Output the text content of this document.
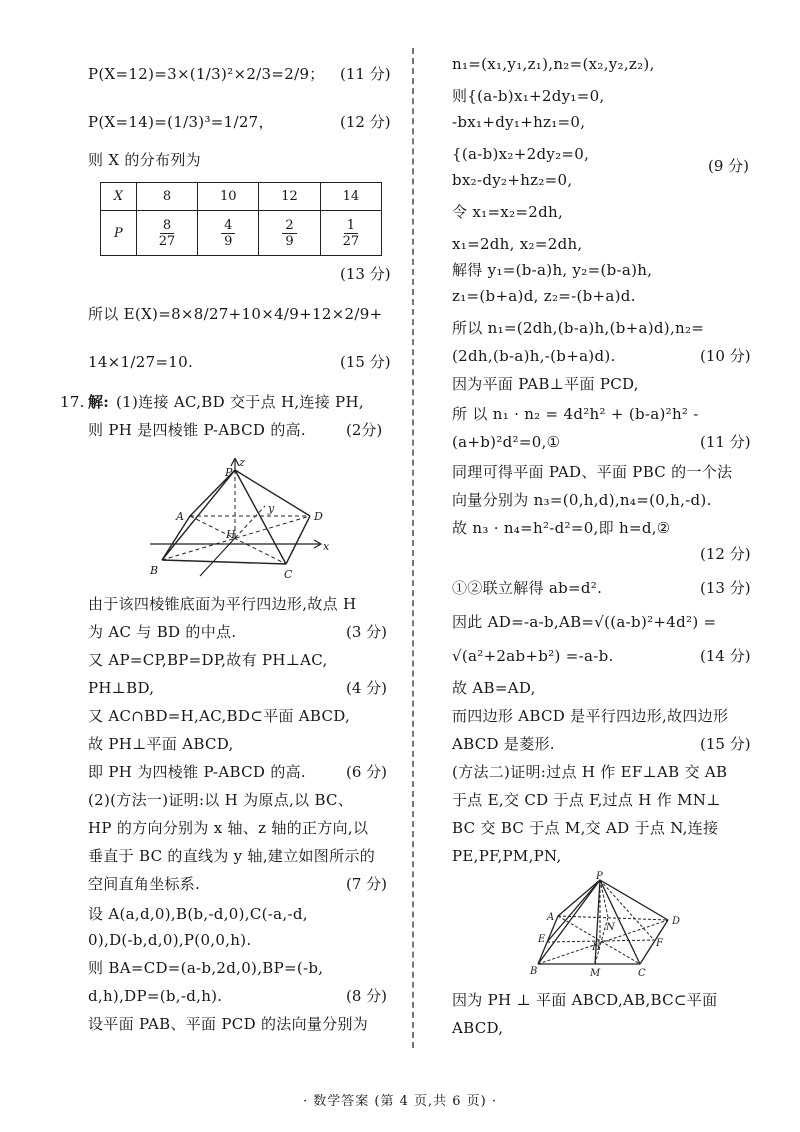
P(X=12)=3×(1/3)²×2/3=2/9； (11 分)
P(X=14)=(1/3)³=1/27，	(12 分)
则 X 的分布列为
X	8	10	12	14
P	$\frac{8}{27}$	$\frac{4}{9}$	$\frac{2}{9}$	$\frac{1}{27}$
(13 分)
所以 E(X)=8×8/27+10×4/9+12×2/9+
14×1/27=10.	(15 分)
17. 解: (1)连接 AC,BD 交于点 H,连接 PH,
则 PH 是四棱锥 P-ABCD 的高.	(2分)
z
P
A	D
B	C
H
y
x
由于该四棱锥底面为平行四边形,故点 H
为 AC 与 BD 的中点.	(3 分)
又 AP=CP,BP=DP,故有 PH⊥AC,
PH⊥BD,	(4 分)
又 AC∩BD=H,AC,BD⊂平面 ABCD,
故 PH⊥平面 ABCD,
即 PH 为四棱锥 P-ABCD 的高.	(6 分)
(2)(方法一)证明:以 H 为原点,以 BC、
HP 的方向分别为 x 轴、z 轴的正方向,以
垂直于 BC 的直线为 y 轴,建立如图所示的
空间直角坐标系.	(7 分)
设 A(a,d,0),B(b,-d,0),C(-a,-d,
0),D(-b,d,0),P(0,0,h).
则 BA=CD=(a-b,2d,0),BP=(-b,
d,h),DP=(b,-d,h).	(8 分)
设平面 PAB、平面 PCD 的法向量分别为
n₁=(x₁,y₁,z₁),n₂=(x₂,y₂,z₂),
则{(a-b)x₁+2dy₁=0,
-bx₁+dy₁+hz₁=0,
{(a-b)x₂+2dy₂=0,
bx₂-dy₂+hz₂=0,
(9 分)
令 x₁=x₂=2dh,
x₁=2dh, x₂=2dh,
解得 y₁=(b-a)h, y₂=(b-a)h,
z₁=(b+a)d, z₂=-(b+a)d.
所以 n₁=(2dh,(b-a)h,(b+a)d),n₂=
(2dh,(b-a)h,-(b+a)d).	(10 分)
因为平面 PAB⊥平面 PCD,
所 以 n₁ · n₂ = 4d²h² + (b-a)²h² -
(a+b)²d²=0,①	(11 分)
同理可得平面 PAD、平面 PBC 的一个法
向量分别为 n₃=(0,h,d),n₄=(0,h,-d).
故 n₃ · n₄=h²-d²=0,即 h=d,②
(12 分)
①②联立解得 ab=d².	(13 分)
因此 AD=-a-b,AB=√((a-b)²+4d²) =
√(a²+2ab+b²) =-a-b.	(14 分)
故 AB=AD,
而四边形 ABCD 是平行四边形,故四边形
ABCD 是菱形.	(15 分)
(方法二)证明:过点 H 作 EF⊥AB 交 AB
于点 E,交 CD 于点 F,过点 H 作 MN⊥
BC 交 BC 于点 M,交 AD 于点 N,连接
PE,PF,PM,PN,
P
A	D
E	F
N
H
B	M	C
因为 PH ⊥ 平面 ABCD,AB,BC⊂平面
ABCD,
· 数学答案 (第 4 页,共 6 页) ·
